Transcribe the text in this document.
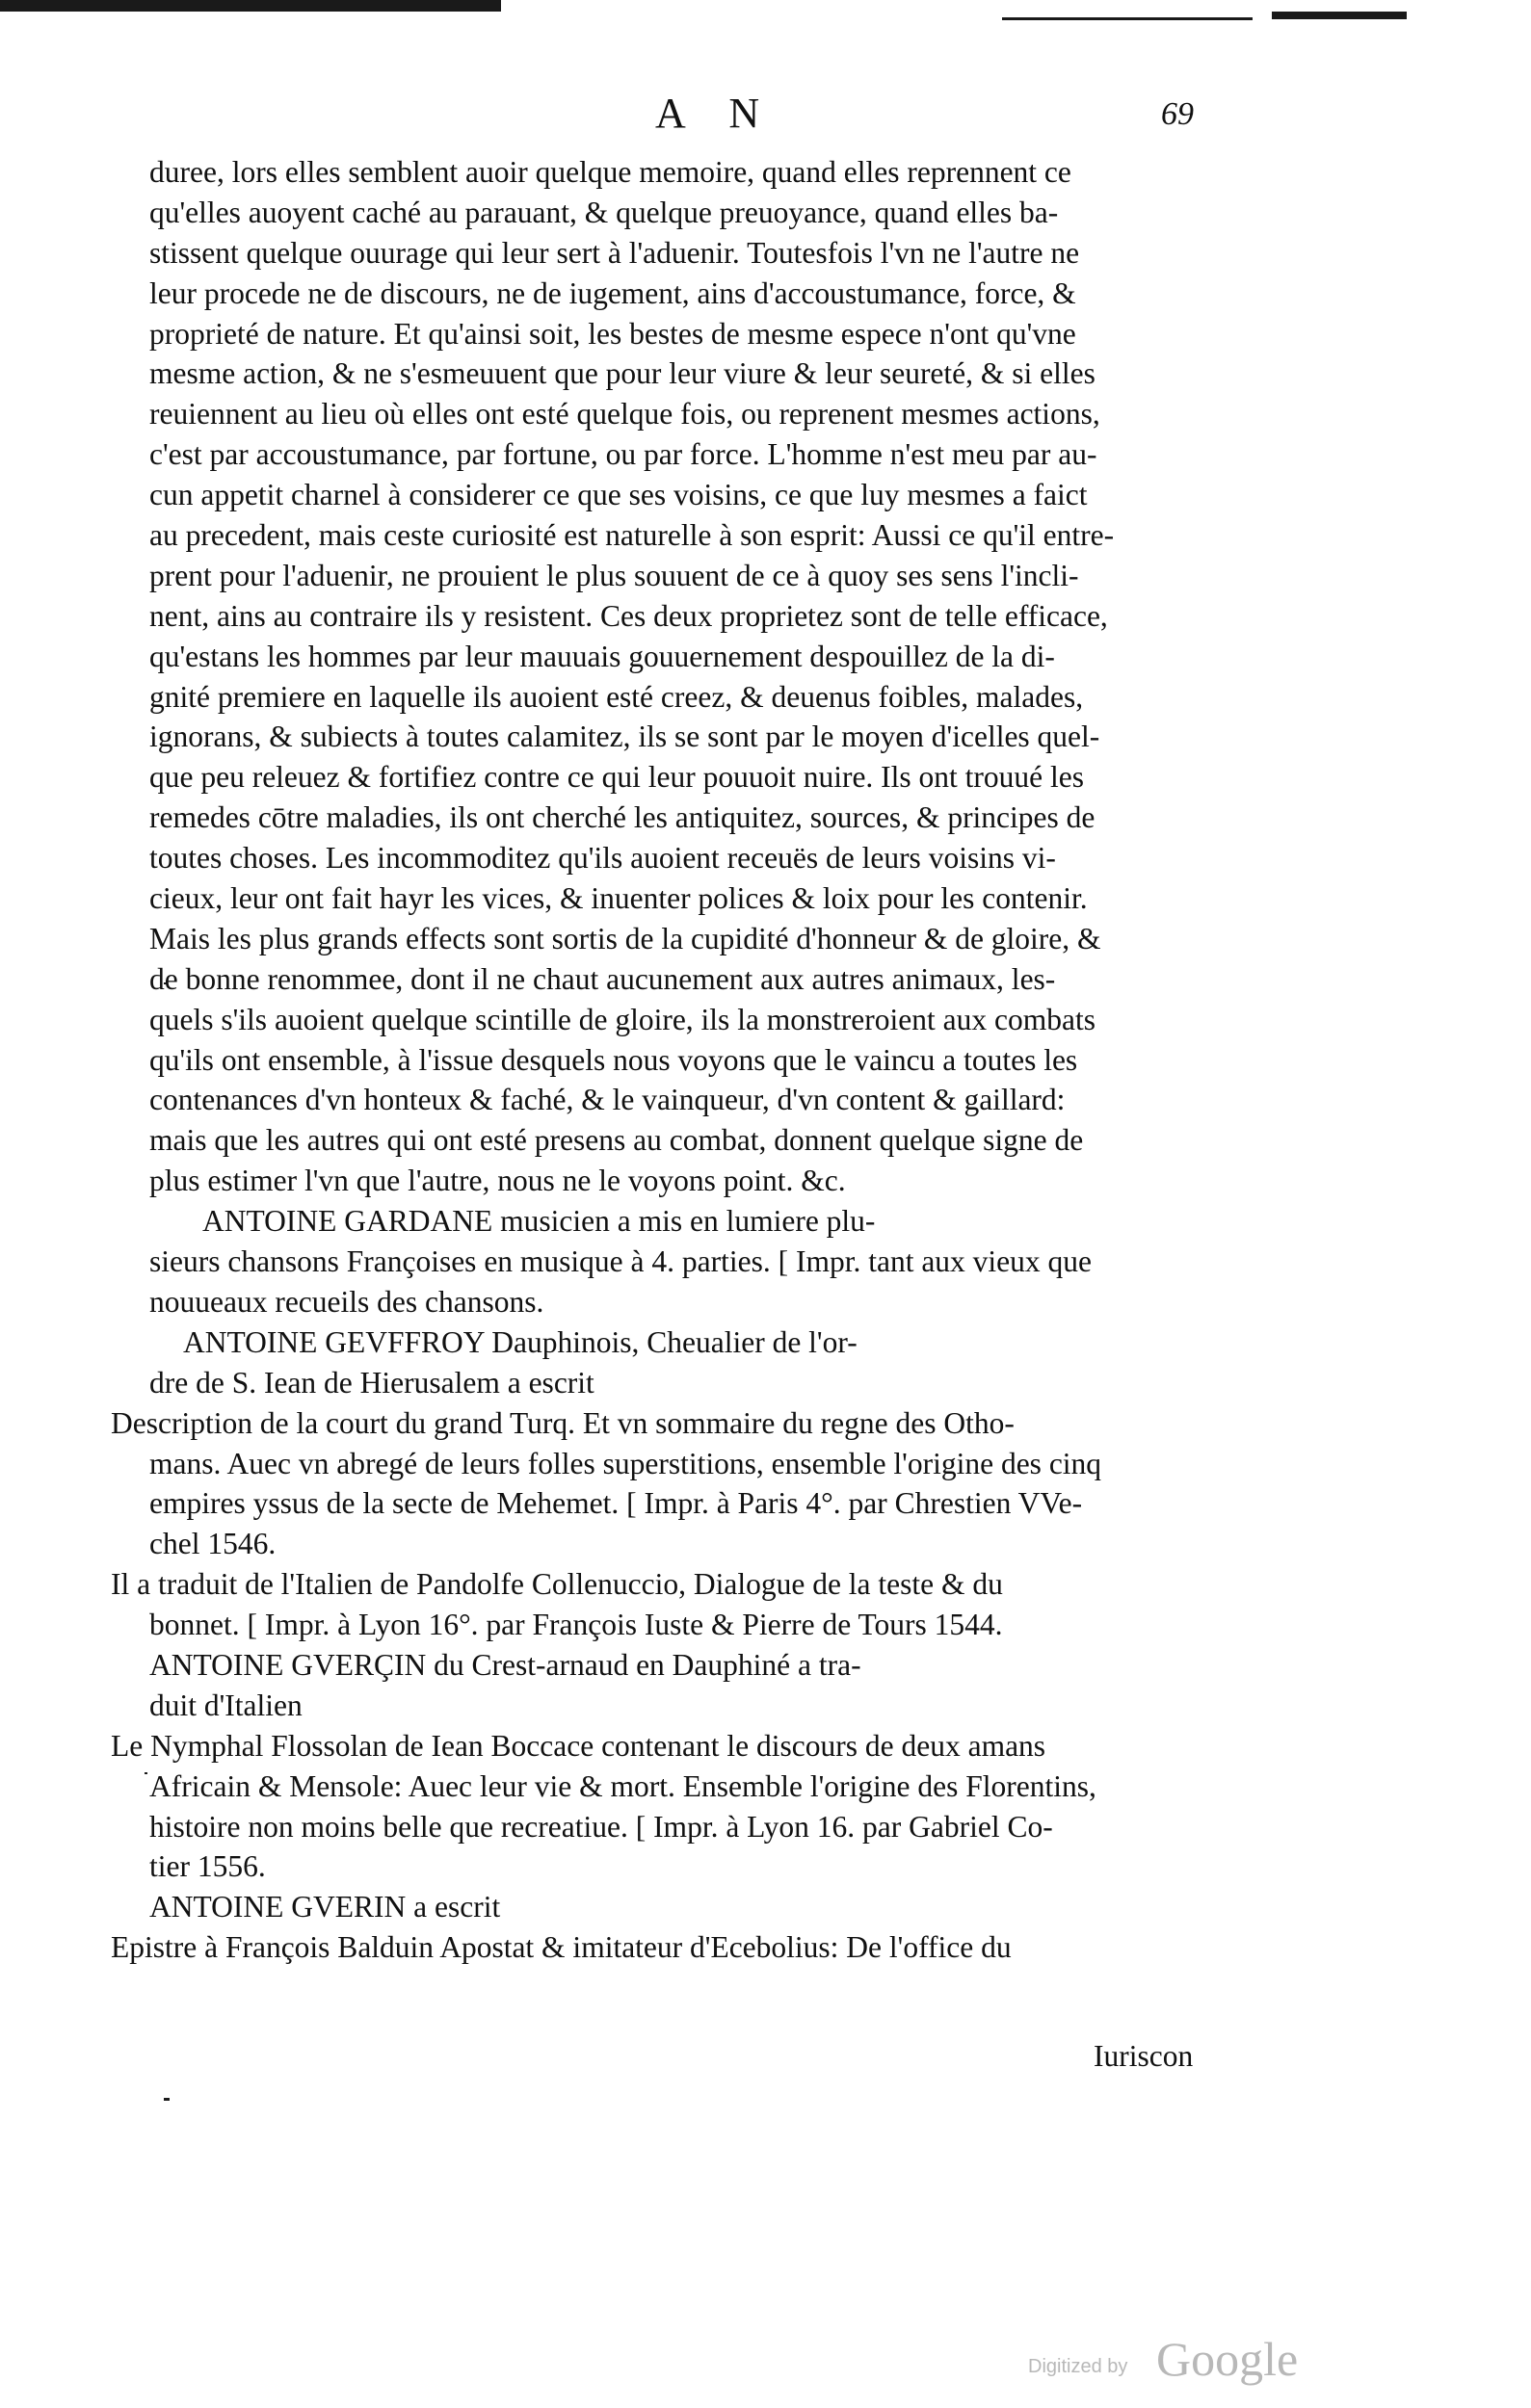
A N	69
duree, lors elles semblent auoir quelque memoire, quand elles reprennent ce
qu'elles auoyent caché au parauant, & quelque preuoyance, quand elles ba-
stissent quelque ouurage qui leur sert à l'aduenir. Toutesfois l'vn ne l'autre ne
leur procede ne de discours, ne de iugement, ains d'accoustumance, force, &
proprieté de nature. Et qu'ainsi soit, les bestes de mesme espece n'ont qu'vne
mesme action, & ne s'esmeuuent que pour leur viure & leur seureté, & si elles
reuiennent au lieu où elles ont esté quelque fois, ou reprenent mesmes actions,
c'est par accoustumance, par fortune, ou par force. L'homme n'est meu par au-
cun appetit charnel à considerer ce que ses voisins, ce que luy mesmes a faict
au precedent, mais ceste curiosité est naturelle à son esprit: Aussi ce qu'il entre-
prent pour l'aduenir, ne prouient le plus souuent de ce à quoy ses sens l'incli-
nent, ains au contraire ils y resistent. Ces deux proprietez sont de telle efficace,
qu'estans les hommes par leur mauuais gouuernement despouillez de la di-
gnité premiere en laquelle ils auoient esté creez, & deuenus foibles, malades,
ignorans, & subiects à toutes calamitez, ils se sont par le moyen d'icelles quel-
que peu releuez & fortifiez contre ce qui leur pouuoit nuire. Ils ont trouué les
remedes cōtre maladies, ils ont cherché les antiquitez, sources, & principes de
toutes choses. Les incommoditez qu'ils auoient receuës de leurs voisins vi-
cieux, leur ont fait hayr les vices, & inuenter polices & loix pour les contenir.
Mais les plus grands effects sont sortis de la cupidité d'honneur & de gloire, &
de bonne renommee, dont il ne chaut aucunement aux autres animaux, les-
quels s'ils auoient quelque scintille de gloire, ils la monstreroient aux combats
qu'ils ont ensemble, à l'issue desquels nous voyons que le vaincu a toutes les
contenances d'vn honteux & faché, & le vainqueur, d'vn content & gaillard:
mais que les autres qui ont esté presens au combat, donnent quelque signe de
plus estimer l'vn que l'autre, nous ne le voyons point. &c.
ANTOINE GARDANE musicien a mis en lumiere plu-
sieurs chansons Françoises en musique à 4. parties. [ Impr. tant aux vieux que
nouueaux recueils des chansons.
ANTOINE GEVFFROY Dauphinois, Cheualier de l'or-
dre de S. Iean de Hierusalem a escrit
Description de la court du grand Turq. Et vn sommaire du regne des Otho-
mans. Auec vn abregé de leurs folles superstitions, ensemble l'origine des cinq
empires yssus de la secte de Mehemet. [ Impr. à Paris 4°. par Chrestien VVe-
chel 1546.
Il a traduit de l'Italien de Pandolfe Collenuccio, Dialogue de la teste & du
bonnet. [ Impr. à Lyon 16°. par François Iuste & Pierre de Tours 1544.
ANTOINE GVERÇIN du Crest-arnaud en Dauphiné a tra-
duit d'Italien
Le Nymphal Flossolan de Iean Boccace contenant le discours de deux amans
Africain & Mensole: Auec leur vie & mort. Ensemble l'origine des Florentins,
histoire non moins belle que recreatiue. [ Impr. à Lyon 16. par Gabriel Co-
tier 1556.
ANTOINE GVERIN a escrit
Epistre à François Balduin Apostat & imitateur d'Ecebolius: De l'office du
Iuriscon
Digitized by Google
